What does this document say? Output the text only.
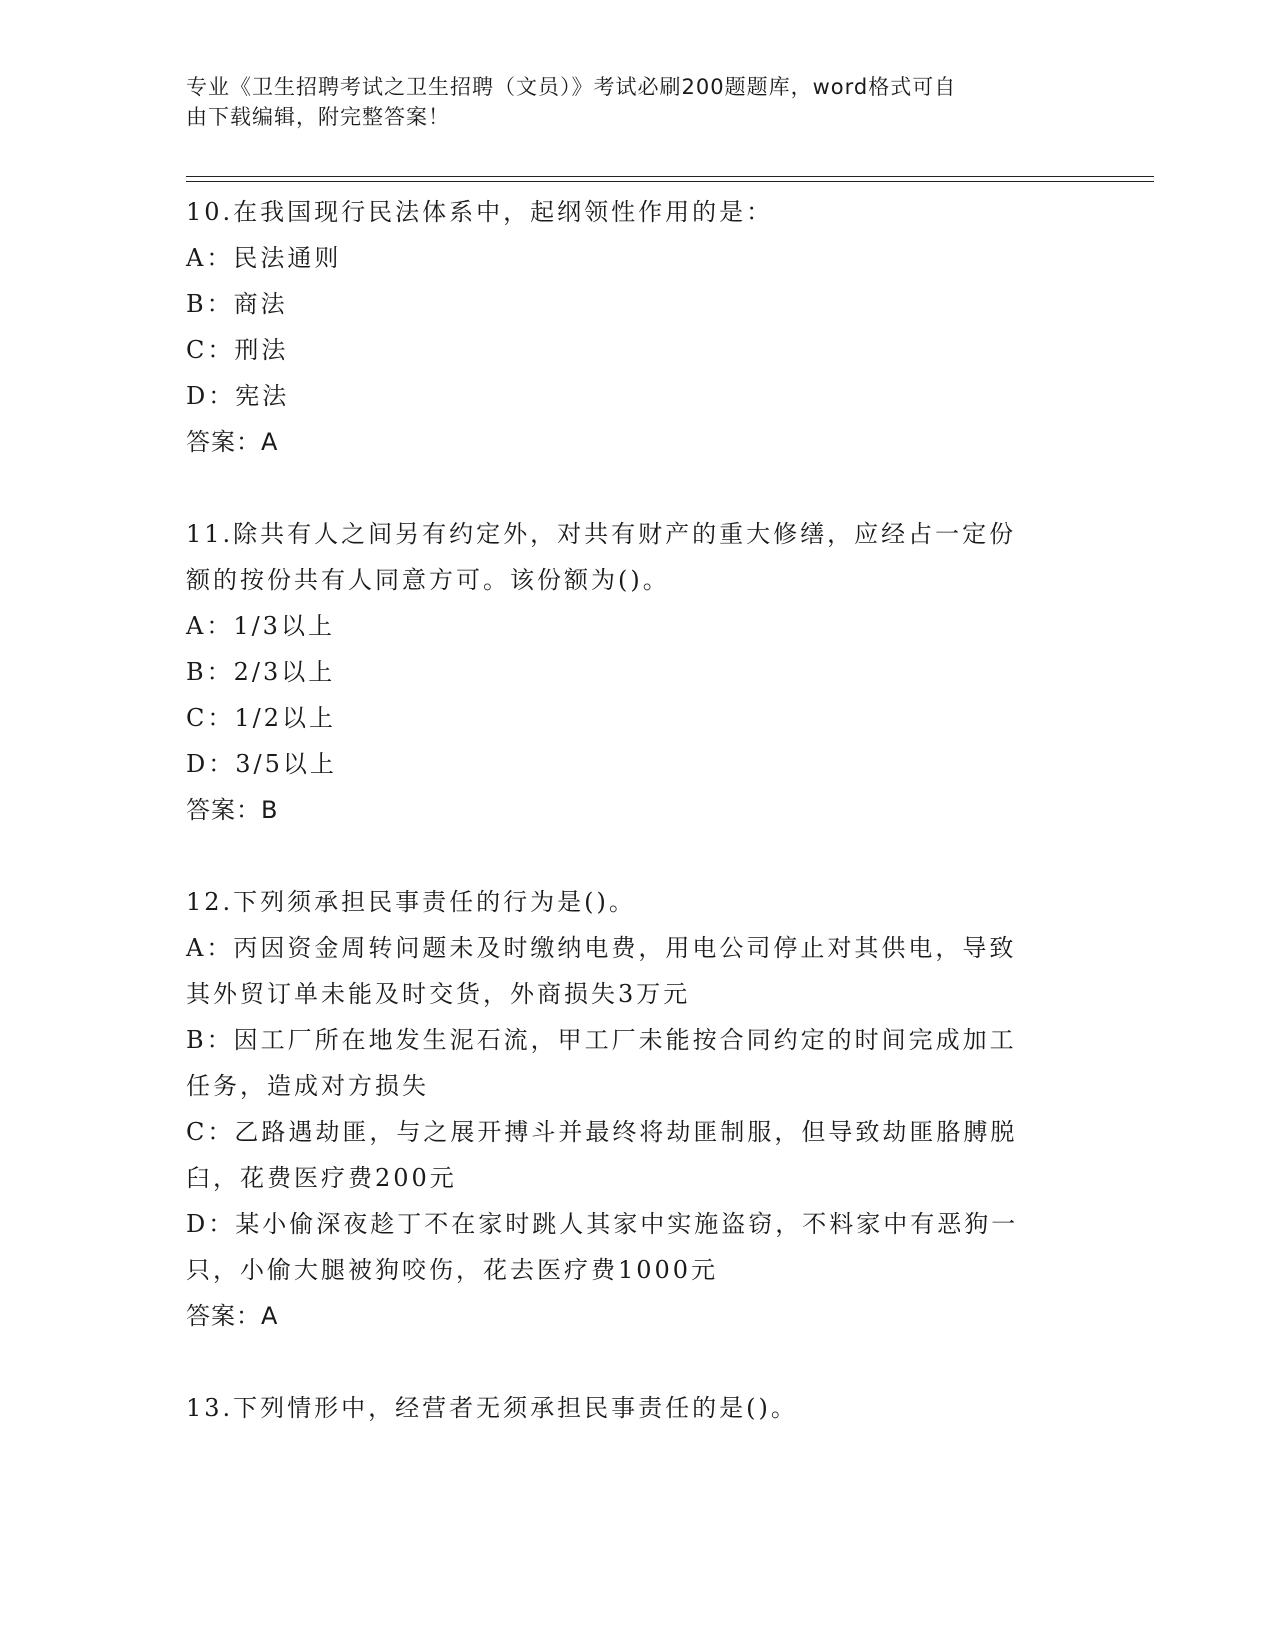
专业《卫生招聘考试之卫生招聘（文员）》考试必刷200题题库，word格式可自
由下载编辑，附完整答案！
10.在我国现行民法体系中，起纲领性作用的是：
A：民法通则
B：商法
C：刑法
D：宪法
答案：A
11.除共有人之间另有约定外，对共有财产的重大修缮，应经占一定份
额的按份共有人同意方可。该份额为()。
A：1/3以上
B：2/3以上
C：1/2以上
D：3/5以上
答案：B
12.下列须承担民事责任的行为是()。
A：丙因资金周转问题未及时缴纳电费，用电公司停止对其供电，导致
其外贸订单未能及时交货，外商损失3万元
B：因工厂所在地发生泥石流，甲工厂未能按合同约定的时间完成加工
任务，造成对方损失
C：乙路遇劫匪，与之展开搏斗并最终将劫匪制服，但导致劫匪胳膊脱
臼，花费医疗费200元
D：某小偷深夜趁丁不在家时跳人其家中实施盗窃，不料家中有恶狗一
只，小偷大腿被狗咬伤，花去医疗费1000元
答案：A
13.下列情形中，经营者无须承担民事责任的是()。
